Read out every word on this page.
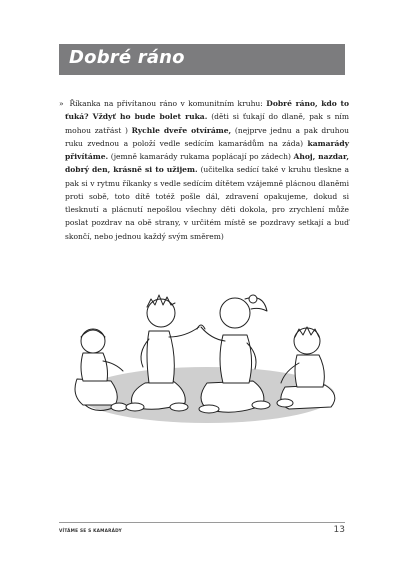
Dobré ráno

» Říkanka na přivítanou ráno v komunitním kruhu: Dobré ráno, kdo to ťuká? Vždyť ho bude bolet ruka. (děti si ťukají do dlaně, pak s ním mohou zatřást ) Rychle dveře otvíráme, (nejprve jednu a pak druhou ruku zvednou a položí vedle sedícím kamarádům na záda) kamarády přivítáme. (jemně kamarády rukama poplácají po zádech) Ahoj, nazdar, dobrý den, krásně si to užijem. (učitelka sedící také v kruhu tleskne a pak si v rytmu říkanky s vedle sedícím dítětem vzájemně plácnou dlaněmi proti sobě, toto dítě totéž pošle dál, zdravení opakujeme, dokud si tlesknutí a plácnutí nepošlou všechny děti dokola, pro zrychlení může poslat pozdrav na obě strany, v určitém místě se pozdravy setkají a buď skončí, nebo jednou každý svým směrem)

VÍTÁME SE S KAMARÁDY	13
